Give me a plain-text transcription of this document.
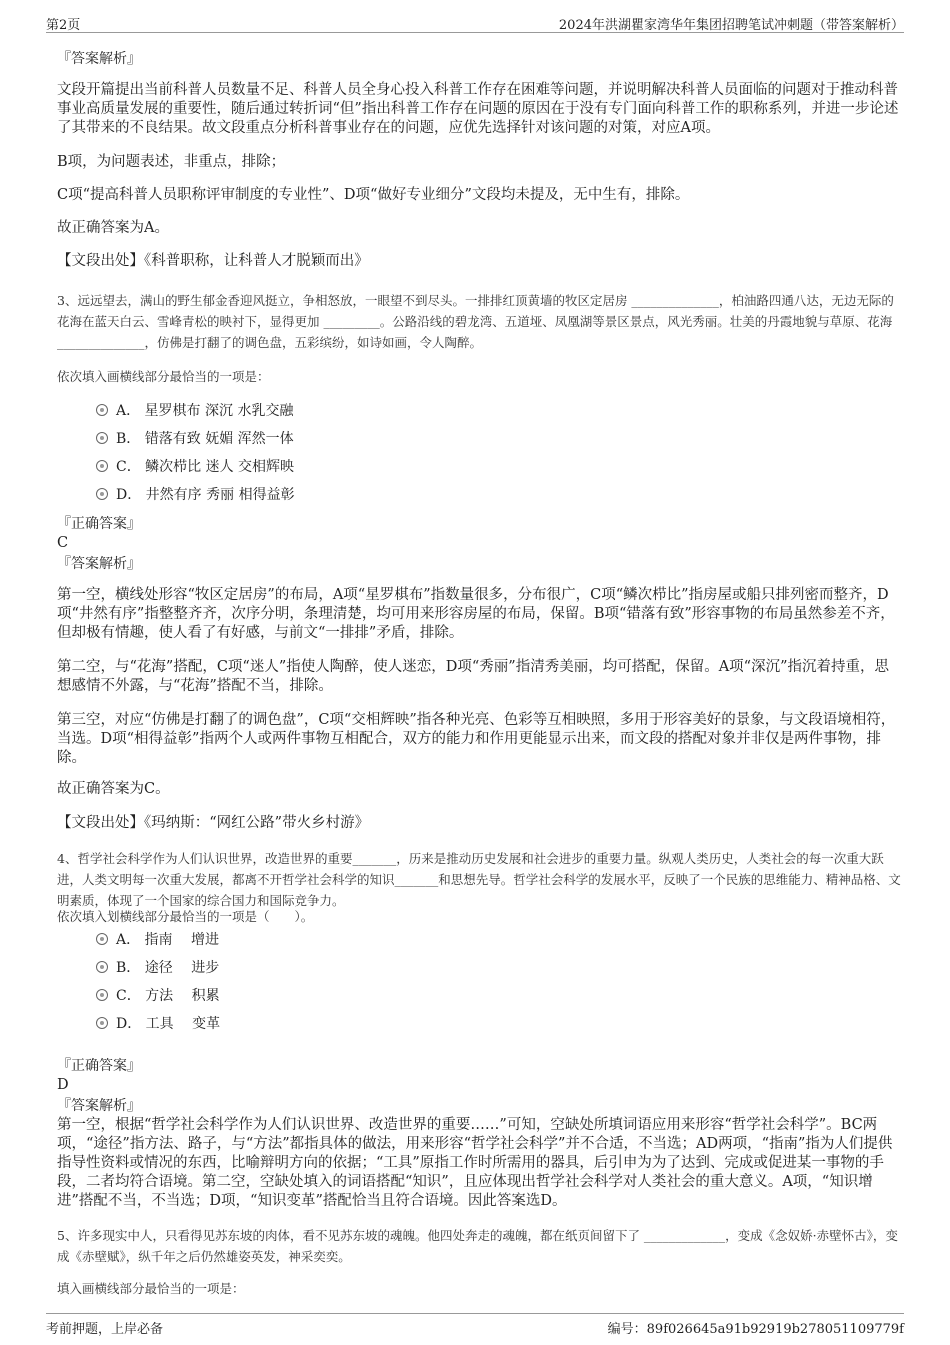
第2页	2024年洪湖瞿家湾华年集团招聘笔试冲刺题（带答案解析）
『答案解析』
文段开篇提出当前科普人员数量不足、科普人员全身心投入科普工作存在困难等问题，并说明解决科普人员面临的问题对于推动科普事业高质量发展的重要性，随后通过转折词“但”指出科普工作存在问题的原因在于没有专门面向科普工作的职称系列，并进一步论述了其带来的不良结果。故文段重点分析科普事业存在的问题，应优先选择针对该问题的对策，对应A项。
B项，为问题表述，非重点，排除；
C项“提高科普人员职称评审制度的专业性”、D项“做好专业细分”文段均未提及，无中生有，排除。
故正确答案为A。
【文段出处】《科普职称，让科普人才脱颖而出》
3、远远望去，满山的野生郁金香迎风挺立，争相怒放，一眼望不到尽头。一排排红顶黄墙的牧区定居房 ______________，柏油路四通八达，无边无际的花海在蓝天白云、雪峰青松的映衬下，显得更加 _________。公路沿线的碧龙湾、五道垭、凤凰湖等景区景点，风光秀丽。壮美的丹霞地貌与草原、花海 ______________，仿佛是打翻了的调色盘，五彩缤纷，如诗如画，令人陶醉。
依次填入画横线部分最恰当的一项是：
A． 星罗棋布 深沉 水乳交融
B． 错落有致 妩媚 浑然一体
C． 鳞次栉比 迷人 交相辉映
D． 井然有序 秀丽 相得益彰
『正确答案』
C
『答案解析』
第一空，横线处形容“牧区定居房”的布局，A项“星罗棋布”指数量很多，分布很广，C项“鳞次栉比”指房屋或船只排列密而整齐，D项“井然有序”指整整齐齐，次序分明，条理清楚，均可用来形容房屋的布局，保留。B项“错落有致”形容事物的布局虽然参差不齐，但却极有情趣，使人看了有好感，与前文“一排排”矛盾，排除。
第二空，与“花海”搭配，C项“迷人”指使人陶醉，使人迷恋，D项“秀丽”指清秀美丽，均可搭配，保留。A项“深沉”指沉着持重，思想感情不外露，与“花海”搭配不当，排除。
第三空，对应“仿佛是打翻了的调色盘”，C项“交相辉映”指各种光亮、色彩等互相映照，多用于形容美好的景象，与文段语境相符，当选。D项“相得益彰”指两个人或两件事物互相配合，双方的能力和作用更能显示出来，而文段的搭配对象并非仅是两件事物，排除。
故正确答案为C。
【文段出处】《玛纳斯：“网红公路”带火乡村游》
4、哲学社会科学作为人们认识世界，改造世界的重要_______，历来是推动历史发展和社会进步的重要力量。纵观人类历史，人类社会的每一次重大跃进，人类文明每一次重大发展，都离不开哲学社会科学的知识_______和思想先导。哲学社会科学的发展水平，反映了一个民族的思维能力、精神品格、文明素质，体现了一个国家的综合国力和国际竞争力。
依次填入划横线部分最恰当的一项是（　　）。
A． 指南　 增进
B． 途径　 进步
C． 方法　 积累
D． 工具　 变革
『正确答案』
D
『答案解析』
第一空，根据“哲学社会科学作为人们认识世界、改造世界的重要……”可知，空缺处所填词语应用来形容“哲学社会科学”。BC两项，“途径”指方法、路子，与“方法”都指具体的做法，用来形容“哲学社会科学”并不合适，不当选；AD两项，“指南”指为人们提供指导性资料或情况的东西，比喻辩明方向的依据；“工具”原指工作时所需用的器具，后引申为为了达到、完成或促进某一事物的手段，二者均符合语境。第二空，空缺处填入的词语搭配“知识”，且应体现出哲学社会科学对人类社会的重大意义。A项，“知识增进”搭配不当，不当选；D项，“知识变革”搭配恰当且符合语境。因此答案选D。
5、许多现实中人，只看得见苏东坡的肉体，看不见苏东坡的魂魄。他四处奔走的魂魄，都在纸页间留下了 _____________，变成《念奴娇·赤壁怀古》，变成《赤壁赋》，纵千年之后仍然雄姿英发，神采奕奕。
填入画横线部分最恰当的一项是：
考前押题，上岸必备	编号：89f026645a91b92919b278051109779f
